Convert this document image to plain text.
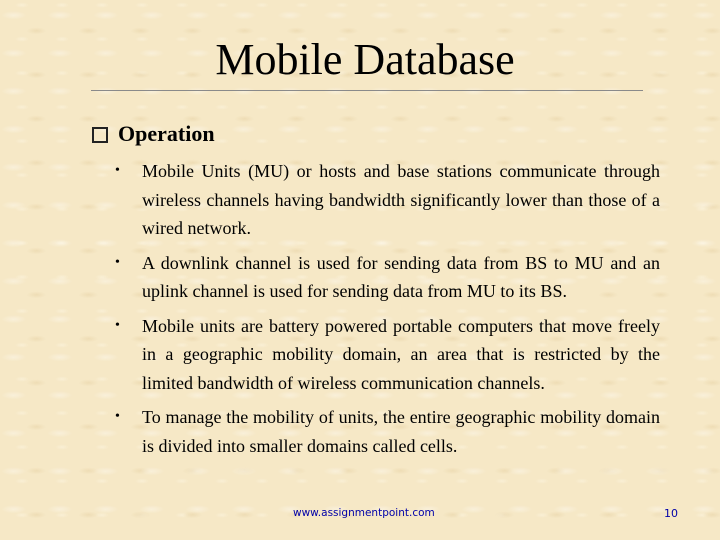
Mobile Database
Operation
• Mobile Units (MU) or hosts and base stations communicate through wireless channels having bandwidth significantly lower than those of a wired network.
• A downlink channel is used for sending data from BS to MU and an uplink channel is used for sending data from MU to its BS.
• Mobile units are battery powered portable computers that move freely in a geographic mobility domain, an area that is restricted by the limited bandwidth of wireless communication channels.
• To manage the mobility of units, the entire geographic mobility domain is divided into smaller domains called cells.
www.assignmentpoint.com	10
